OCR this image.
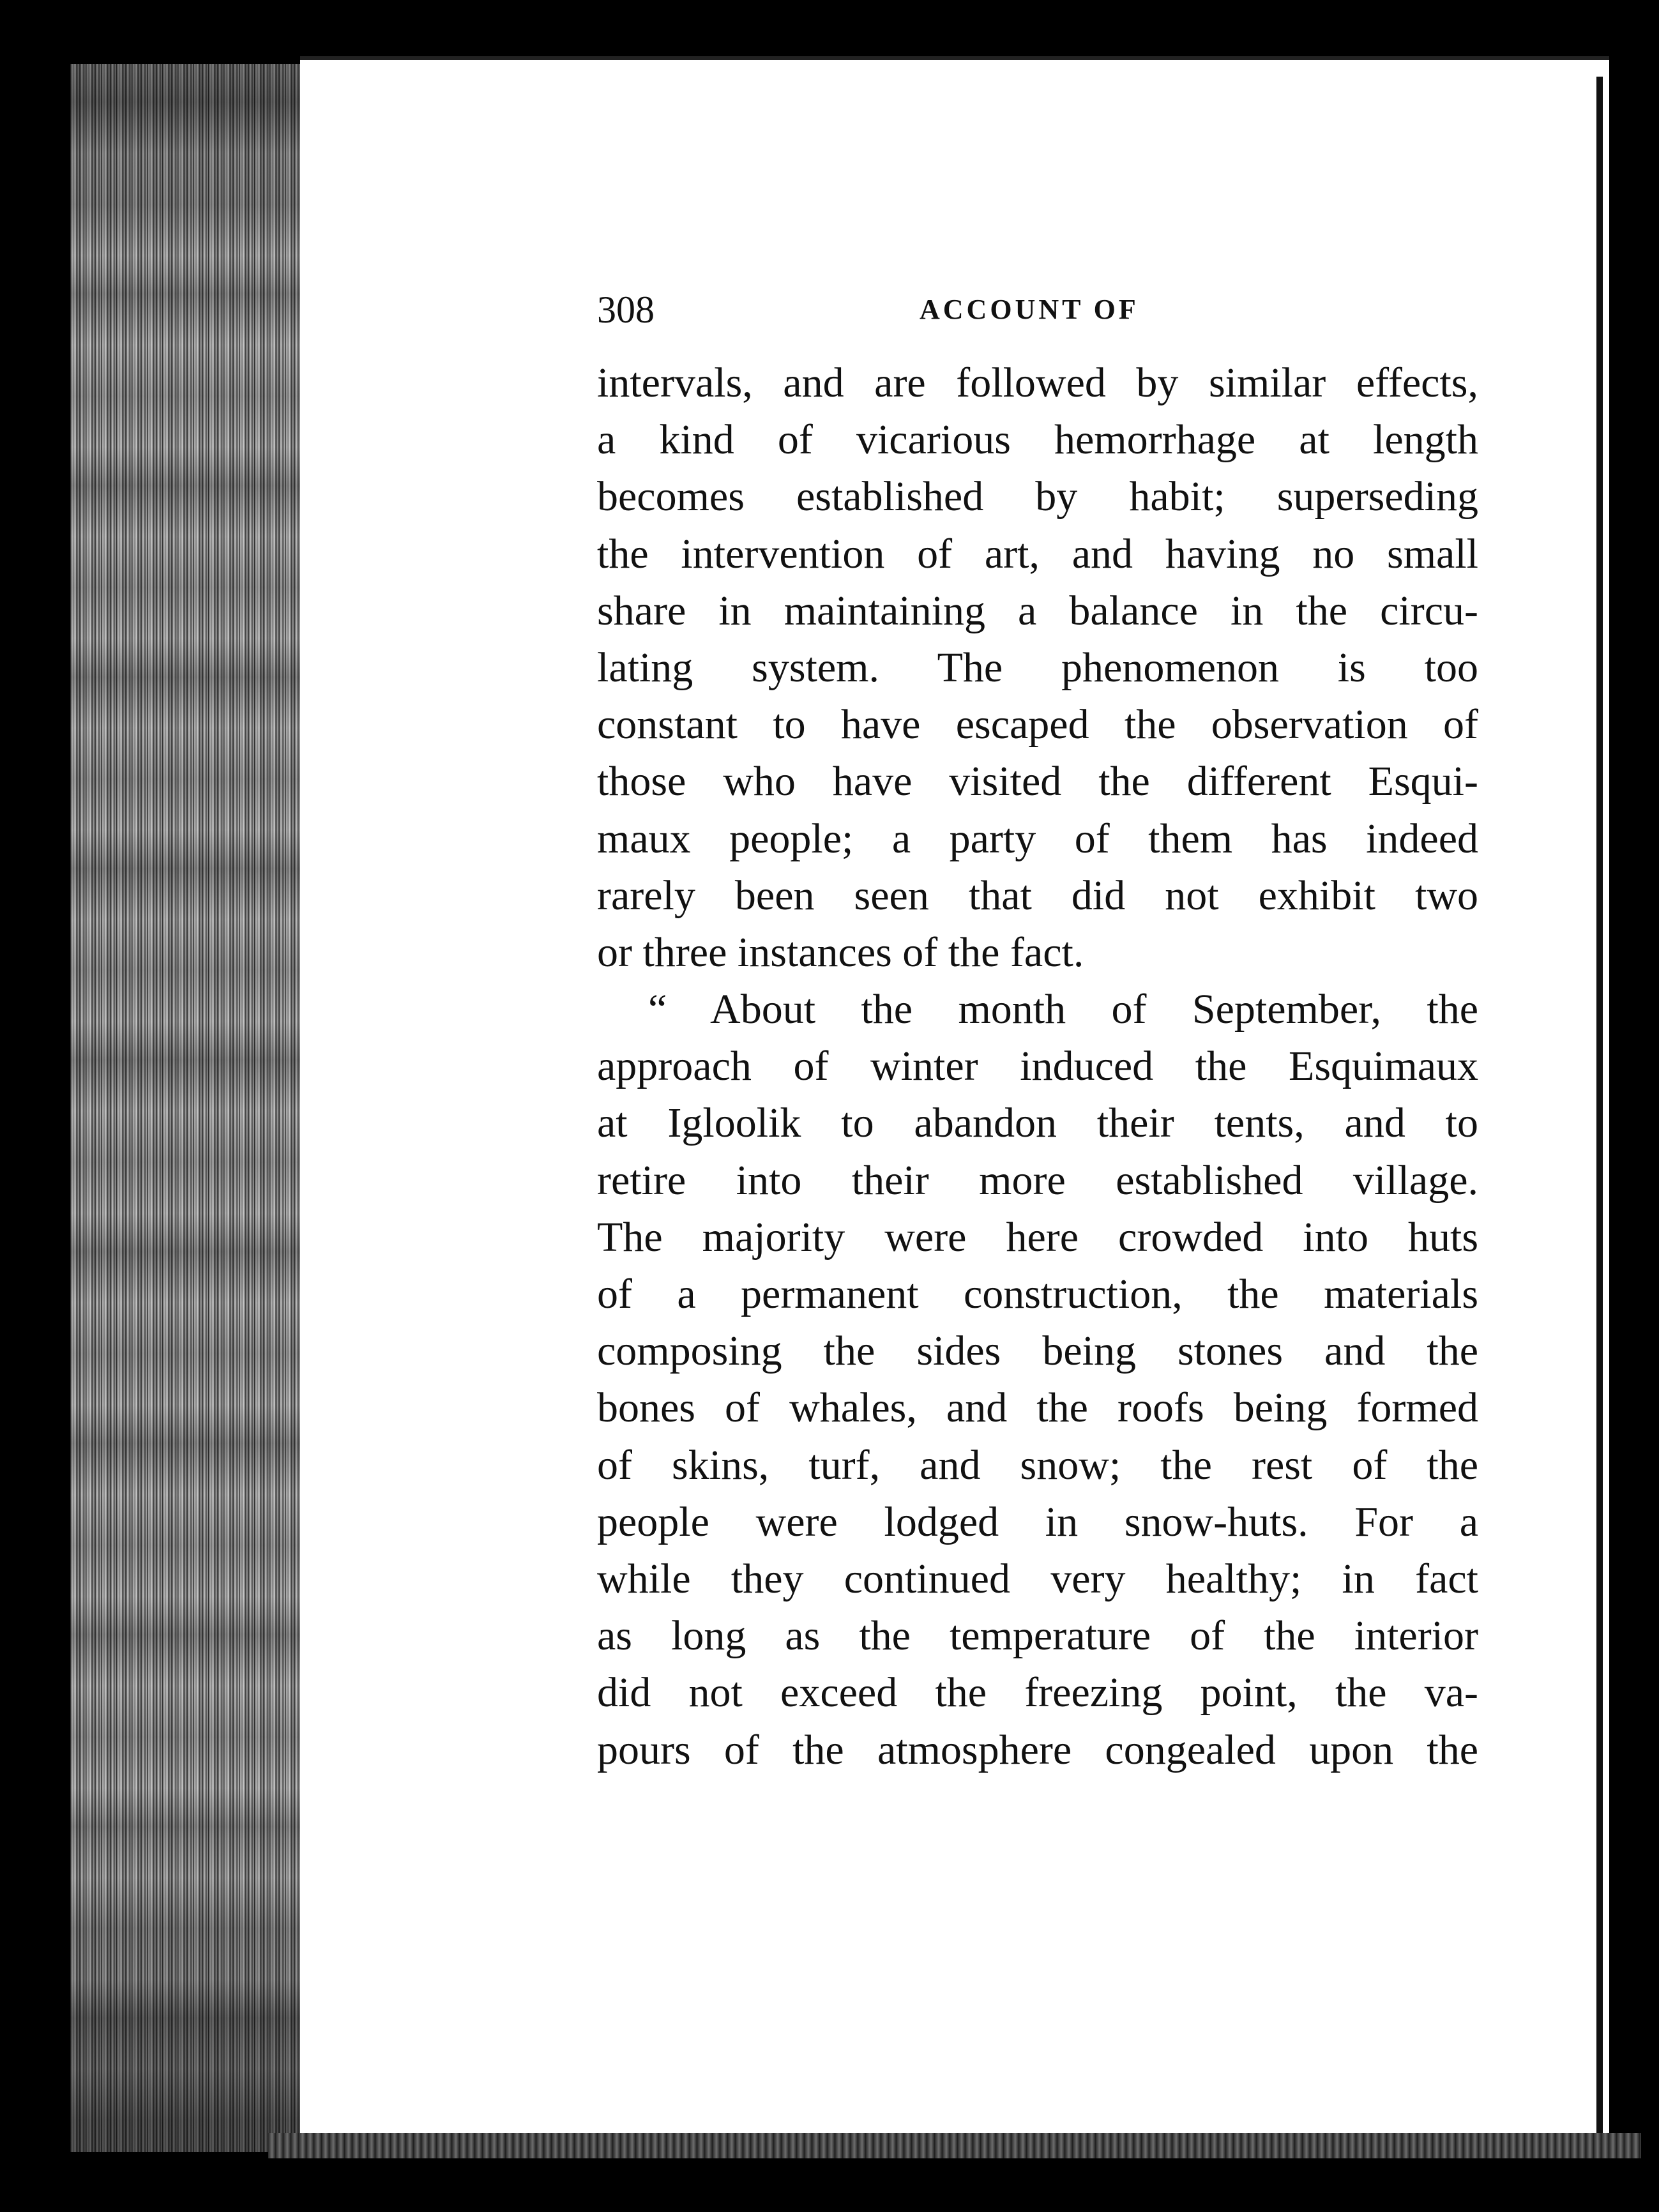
308	ACCOUNT OF
intervals, and are followed by similar effects,
a kind of vicarious hemorrhage at length
becomes established by habit; superseding
the intervention of art, and having no small
share in maintaining a balance in the circu-
lating system. The phenomenon is too
constant to have escaped the observation of
those who have visited the different Esqui-
maux people; a party of them has indeed
rarely been seen that did not exhibit two
or three instances of the fact.
“ About the month of September, the
approach of winter induced the Esquimaux
at Igloolik to abandon their tents, and to
retire into their more established village.
The majority were here crowded into huts
of a permanent construction, the materials
composing the sides being stones and the
bones of whales, and the roofs being formed
of skins, turf, and snow; the rest of the
people were lodged in snow-huts. For a
while they continued very healthy; in fact
as long as the temperature of the interior
did not exceed the freezing point, the va-
pours of the atmosphere congealed upon the
